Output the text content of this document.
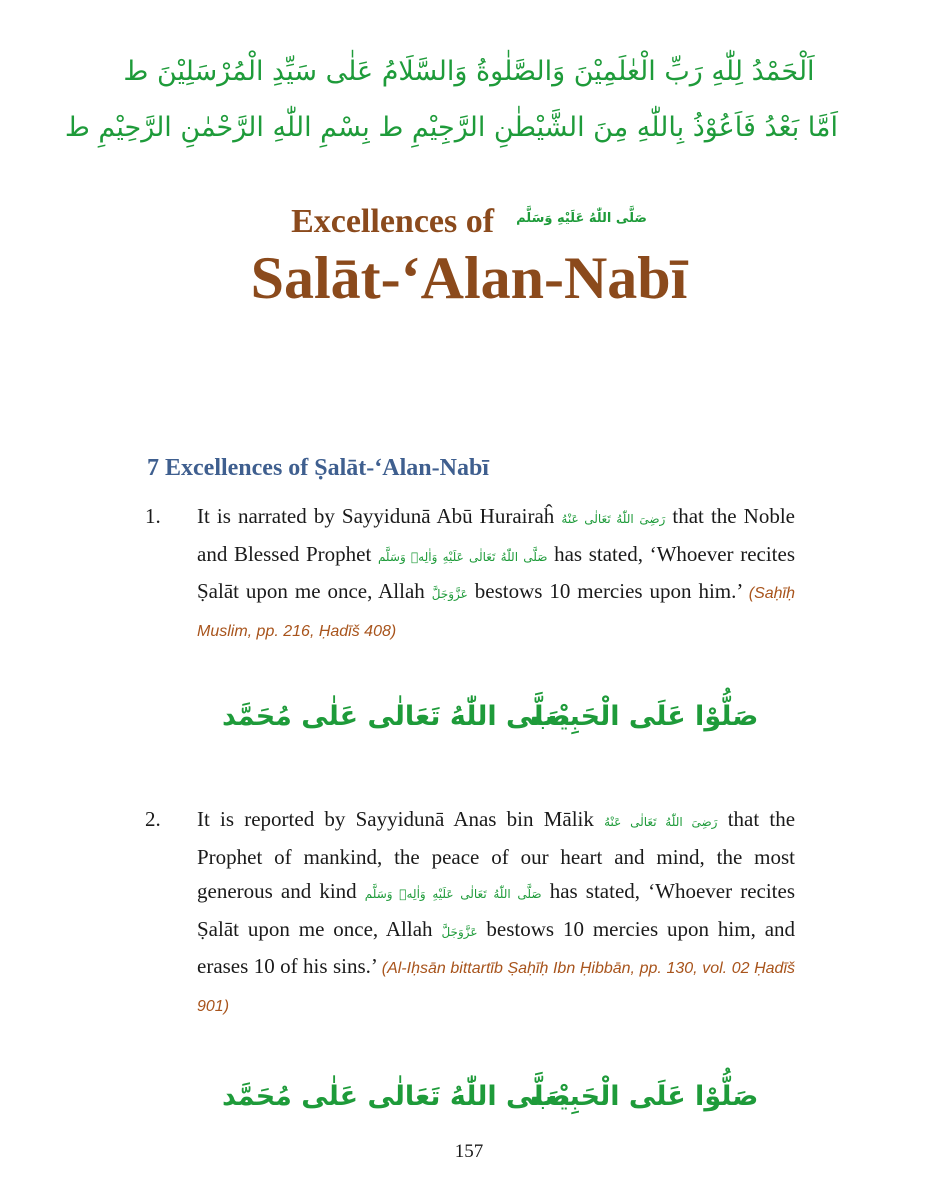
اَلْحَمْدُ لِلّٰهِ رَبِّ الْعٰلَمِيْنَ وَالصَّلٰوةُ وَالسَّلَامُ عَلٰى سَيِّدِ الْمُرْسَلِيْنَ ط
اَمَّا بَعْدُ فَاَعُوْذُ بِاللّٰهِ مِنَ الشَّيْطٰنِ الرَّجِيْمِ ط بِسْمِ اللّٰهِ الرَّحْمٰنِ الرَّحِيْمِ ط
Excellences of $^{صَلَّى اللّٰهُ عَلَيْهِ وَسَلَّم}$
Salāt-‘Alan-Nabī
7 Excellences of Ṣalāt-‘Alan-Nabī
1. It is narrated by Sayyidunā Abū Hurairaĥ رَضِیَ اللّٰهُ تَعَالٰی عَنْهُ that the Noble and Blessed Prophet صَلَّى اللّٰهُ تَعَالٰى عَلَيْهِ وَاٰلِهٖ وَسَلَّم has stated, ‘Whoever recites Ṣalāt upon me once, Allah عَزَّوَجَلَّ bestows 10 mercies upon him.’ (Saḥīḥ Muslim, pp. 216, Ḥadīš 408)
صَلَّى اللّٰهُ تَعَالٰى عَلٰى مُحَمَّد
صَلُّوْا عَلَى الْحَبِيْب
2. It is reported by Sayyidunā Anas bin Mālik رَضِیَ اللّٰهُ تَعَالٰی عَنْهُ that the Prophet of mankind, the peace of our heart and mind, the most generous and kind صَلَّى اللّٰهُ تَعَالٰى عَلَيْهِ وَاٰلِهٖ وَسَلَّم has stated, ‘Whoever recites Ṣalāt upon me once, Allah عَزَّوَجَلَّ bestows 10 mercies upon him, and erases 10 of his sins.’ (Al-Iḥsān bittartīb Ṣaḥīḥ Ibn Ḥibbān, pp. 130, vol. 02 Ḥadīš 901)
صَلَّى اللّٰهُ تَعَالٰى عَلٰى مُحَمَّد
صَلُّوْا عَلَى الْحَبِيْب
157
